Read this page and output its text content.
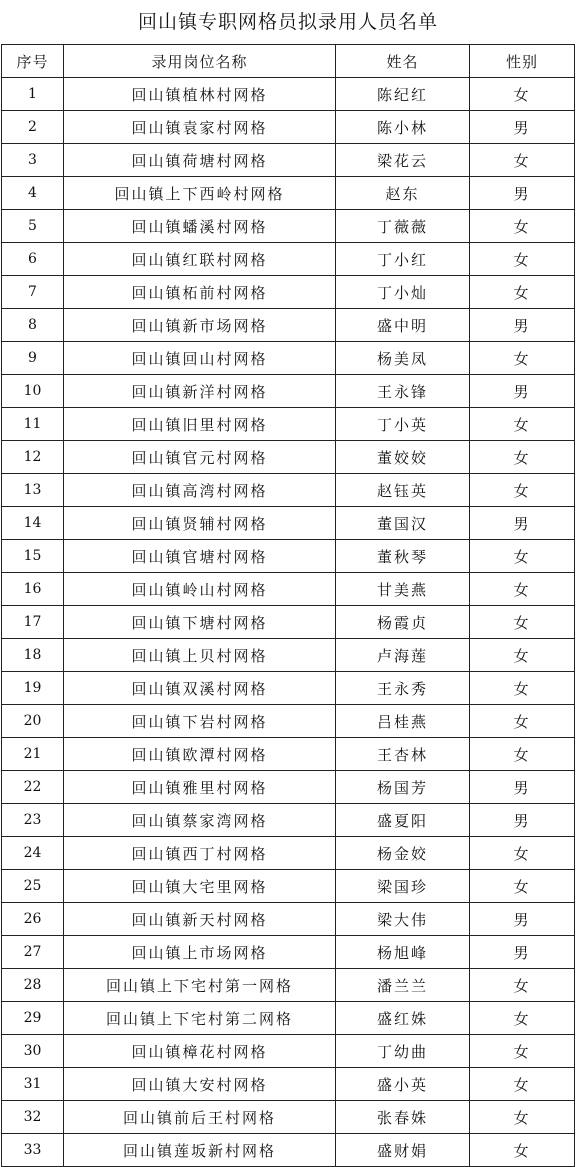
回山镇专职网格员拟录用人员名单
序号	录用岗位名称	姓名	性别
1	回山镇植林村网格	陈纪红	女
2	回山镇袁家村网格	陈小林	男
3	回山镇荷塘村网格	梁花云	女
4	回山镇上下西岭村网格	赵东	男
5	回山镇蟠溪村网格	丁薇薇	女
6	回山镇红联村网格	丁小红	女
7	回山镇柘前村网格	丁小灿	女
8	回山镇新市场网格	盛中明	男
9	回山镇回山村网格	杨美凤	女
10	回山镇新洋村网格	王永锋	男
11	回山镇旧里村网格	丁小英	女
12	回山镇官元村网格	董姣姣	女
13	回山镇高湾村网格	赵钰英	女
14	回山镇贤辅村网格	董国汉	男
15	回山镇官塘村网格	董秋琴	女
16	回山镇岭山村网格	甘美燕	女
17	回山镇下塘村网格	杨霞贞	女
18	回山镇上贝村网格	卢海莲	女
19	回山镇双溪村网格	王永秀	女
20	回山镇下岩村网格	吕桂燕	女
21	回山镇欧潭村网格	王杏林	女
22	回山镇雅里村网格	杨国芳	男
23	回山镇蔡家湾网格	盛夏阳	男
24	回山镇西丁村网格	杨金姣	女
25	回山镇大宅里网格	梁国珍	女
26	回山镇新天村网格	梁大伟	男
27	回山镇上市场网格	杨旭峰	男
28	回山镇上下宅村第一网格	潘兰兰	女
29	回山镇上下宅村第二网格	盛红姝	女
30	回山镇樟花村网格	丁幼曲	女
31	回山镇大安村网格	盛小英	女
32	回山镇前后王村网格	张春姝	女
33	回山镇莲坂新村网格	盛财娟	女
